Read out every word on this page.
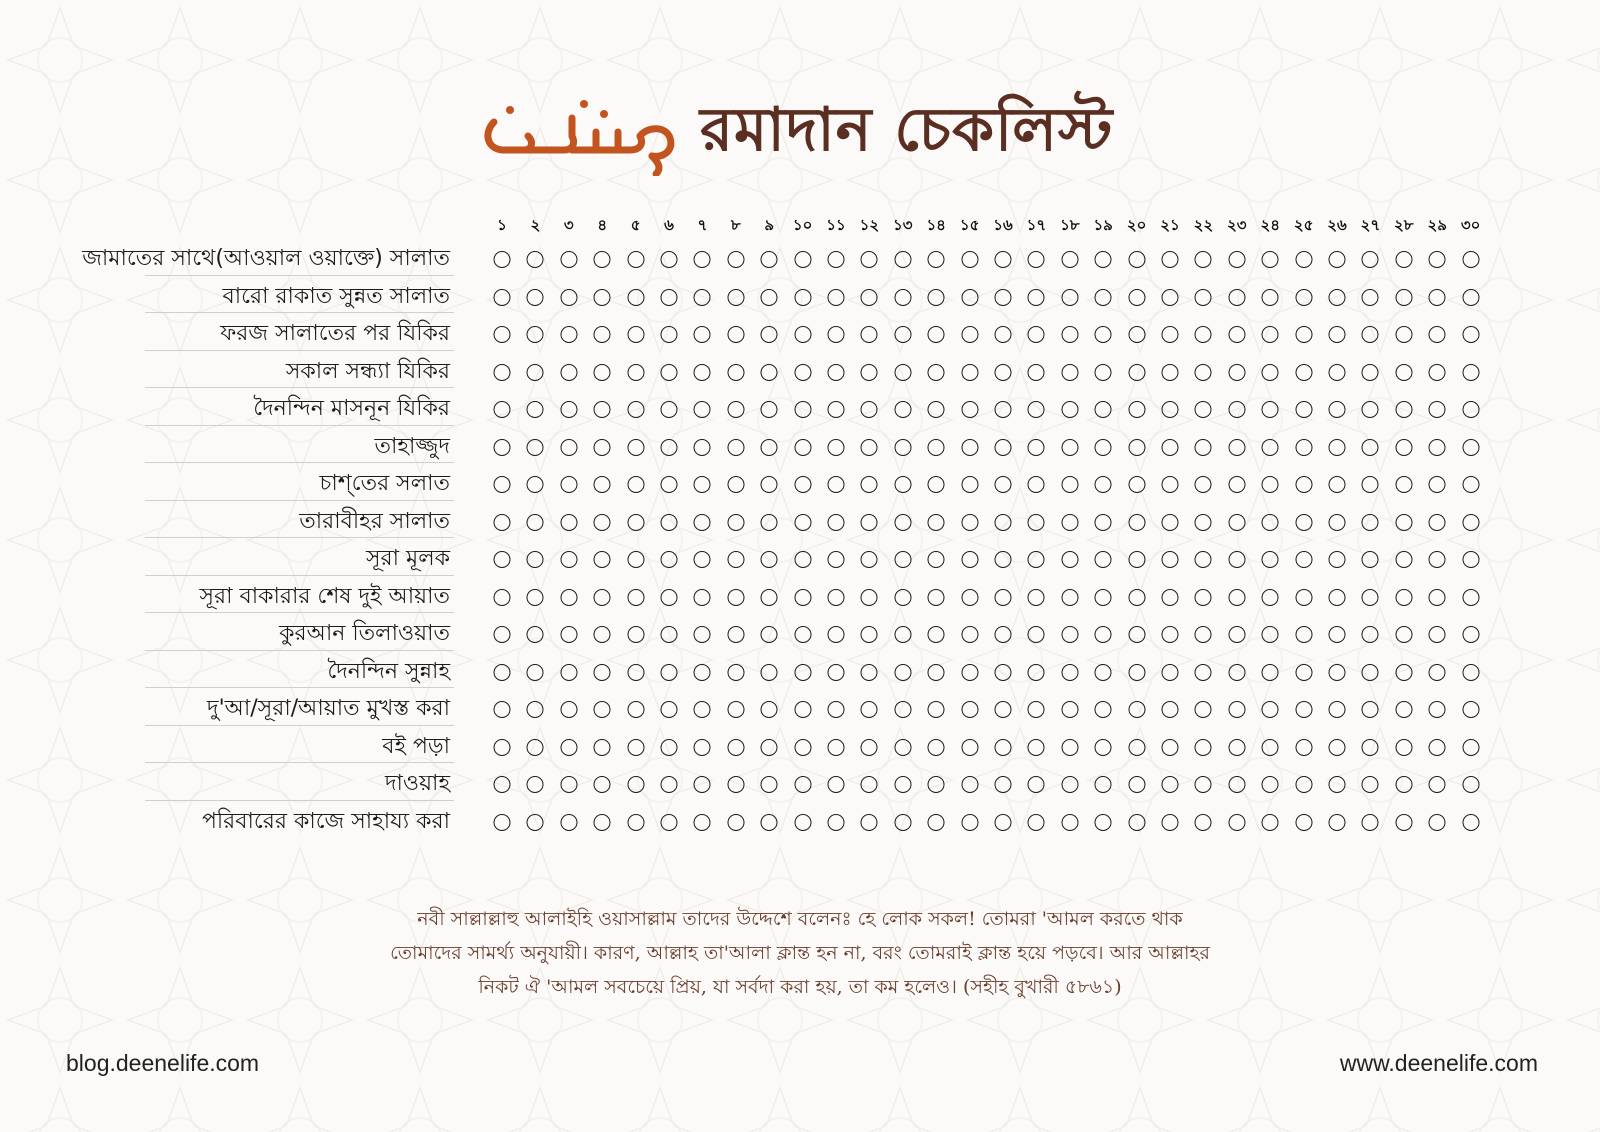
রমাদান চেকলিস্ট
১	২	৩	৪	৫	৬	৭	৮	৯	১০ ১১ ১২ ১৩ ১৪ ১৫ ১৬ ১৭ ১৮ ১৯ ২০ ২১ ২২ ২৩ ২৪ ২৫ ২৬ ২৭ ২৮ ২৯ ৩০
জামাতের সাথে(আওয়াল ওয়াক্তে) সালাত
বারো রাকাত সুন্নত সালাত
ফরজ সালাতের পর যিকির
সকাল সন্ধ্যা যিকির
দৈনন্দিন মাসনূন যিকির
তাহাজ্জুদ
চাশ্‌তের সলাত
তারাবীহর সালাত
সূরা মূলক
সূরা বাকারার শেষ দুই আয়াত
কুরআন তিলাওয়াত
দৈনন্দিন সুন্নাহ
দু'আ/সূরা/আয়াত মুখস্ত করা
বই পড়া
দাওয়াহ
পরিবারের কাজে সাহায্য করা
নবী সাল্লাল্লাহু আলাইহি ওয়াসাল্লাম তাদের উদ্দেশে বলেনঃ হে লোক সকল! তোমরা 'আমল করতে থাক
তোমাদের সামর্থ্য অনুযায়ী। কারণ, আল্লাহ তা'আলা ক্লান্ত হন না, বরং তোমরাই ক্লান্ত হয়ে পড়বে। আর আল্লাহর
নিকট ঐ 'আমল সবচেয়ে প্রিয়, যা সর্বদা করা হয়, তা কম হলেও। (সহীহ বুখারী ৫৮৬১)
blog.deenelife.com	www.deenelife.com
